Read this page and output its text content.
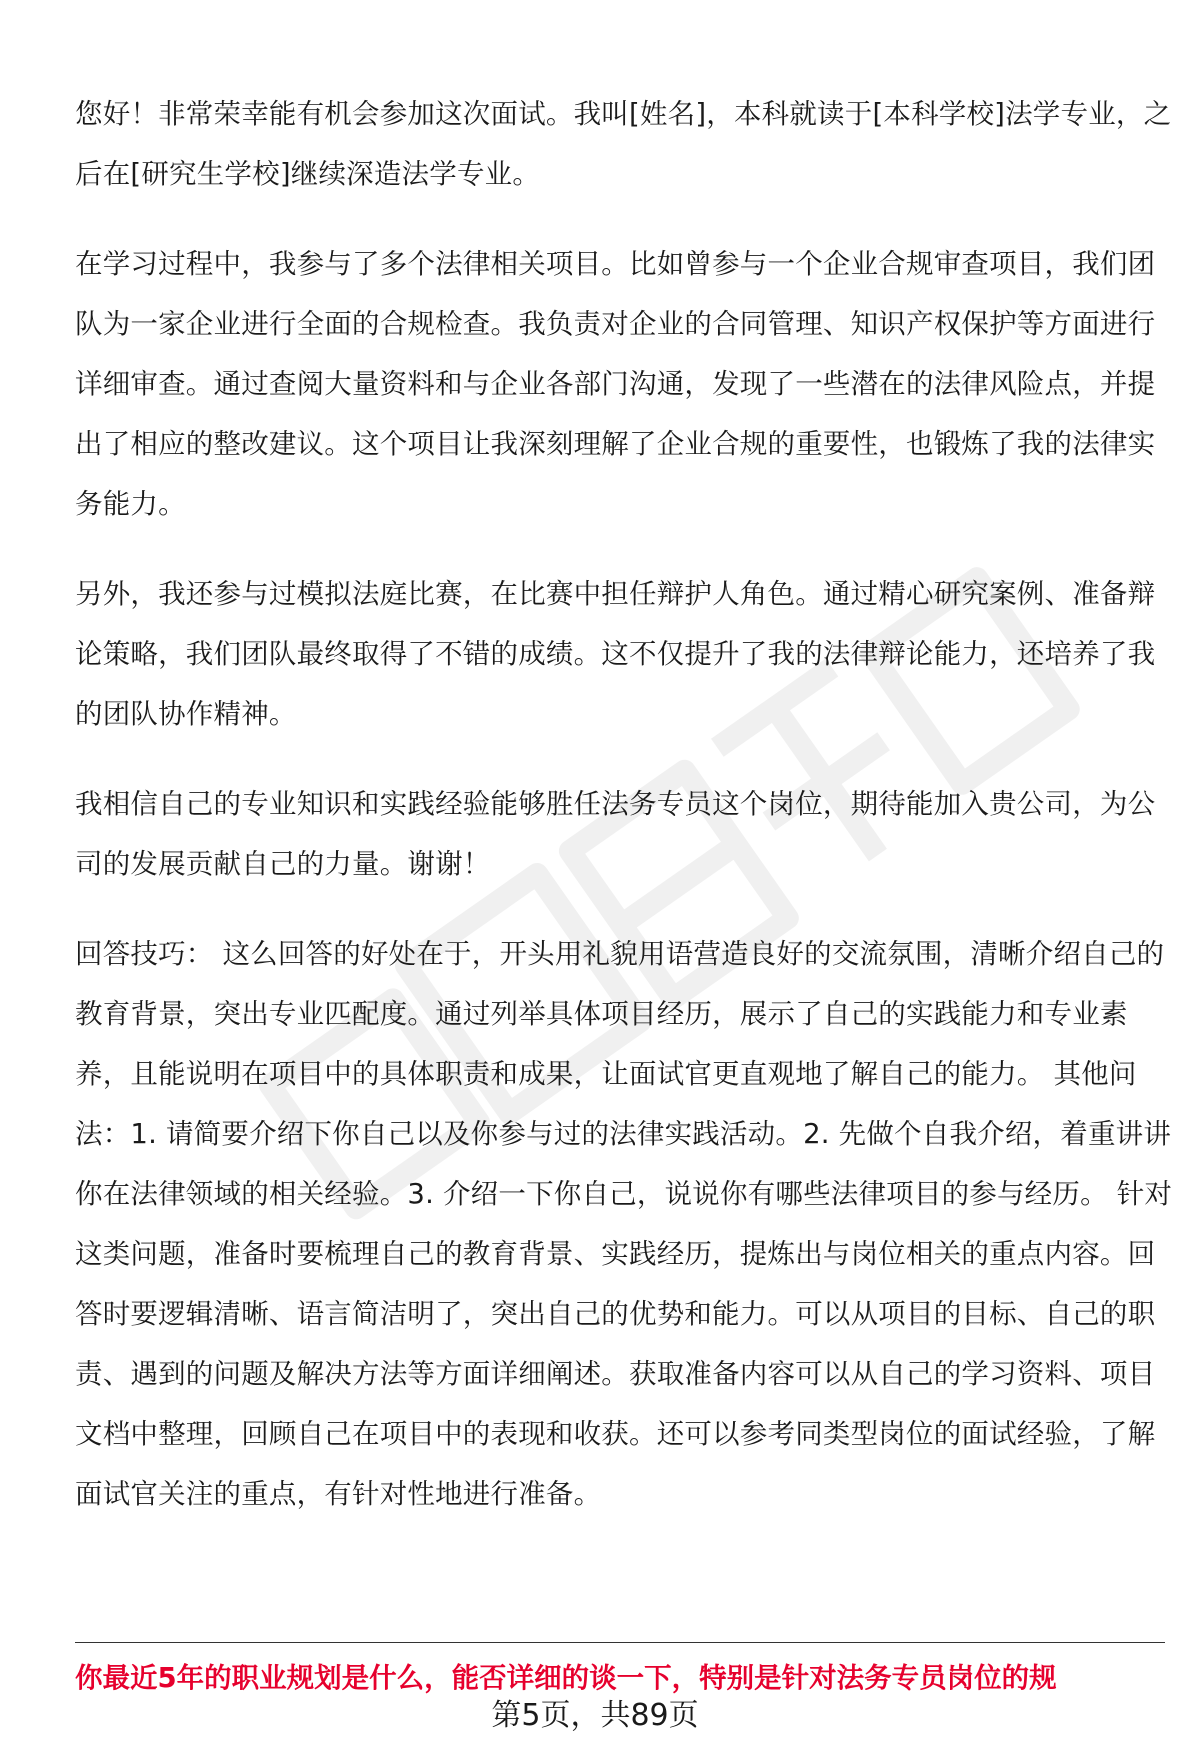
您好！非常荣幸能有机会参加这次面试。我叫[姓名]，本科就读于[本科学校]法学专业，之后在[研究生学校]继续深造法学专业。

在学习过程中，我参与了多个法律相关项目。比如曾参与一个企业合规审查项目，我们团队为一家企业进行全面的合规检查。我负责对企业的合同管理、知识产权保护等方面进行详细审查。通过查阅大量资料和与企业各部门沟通，发现了一些潜在的法律风险点，并提出了相应的整改建议。这个项目让我深刻理解了企业合规的重要性，也锻炼了我的法律实务能力。

另外，我还参与过模拟法庭比赛，在比赛中担任辩护人角色。通过精心研究案例、准备辩论策略，我们团队最终取得了不错的成绩。这不仅提升了我的法律辩论能力，还培养了我的团队协作精神。

我相信自己的专业知识和实践经验能够胜任法务专员这个岗位，期待能加入贵公司，为公司的发展贡献自己的力量。谢谢！

回答技巧： 这么回答的好处在于，开头用礼貌用语营造良好的交流氛围，清晰介绍自己的教育背景，突出专业匹配度。通过列举具体项目经历，展示了自己的实践能力和专业素养，且能说明在项目中的具体职责和成果，让面试官更直观地了解自己的能力。 其他问法：1. 请简要介绍下你自己以及你参与过的法律实践活动。2. 先做个自我介绍，着重讲讲你在法律领域的相关经验。3. 介绍一下你自己，说说你有哪些法律项目的参与经历。 针对这类问题，准备时要梳理自己的教育背景、实践经历，提炼出与岗位相关的重点内容。回答时要逻辑清晰、语言简洁明了，突出自己的优势和能力。可以从项目的目标、自己的职责、遇到的问题及解决方法等方面详细阐述。获取准备内容可以从自己的学习资料、项目文档中整理，回顾自己在项目中的表现和收获。还可以参考同类型岗位的面试经验，了解面试官关注的重点，有针对性地进行准备。

你最近5年的职业规划是什么，能否详细的谈一下，特别是针对法务专员岗位的规
第5页，共89页
